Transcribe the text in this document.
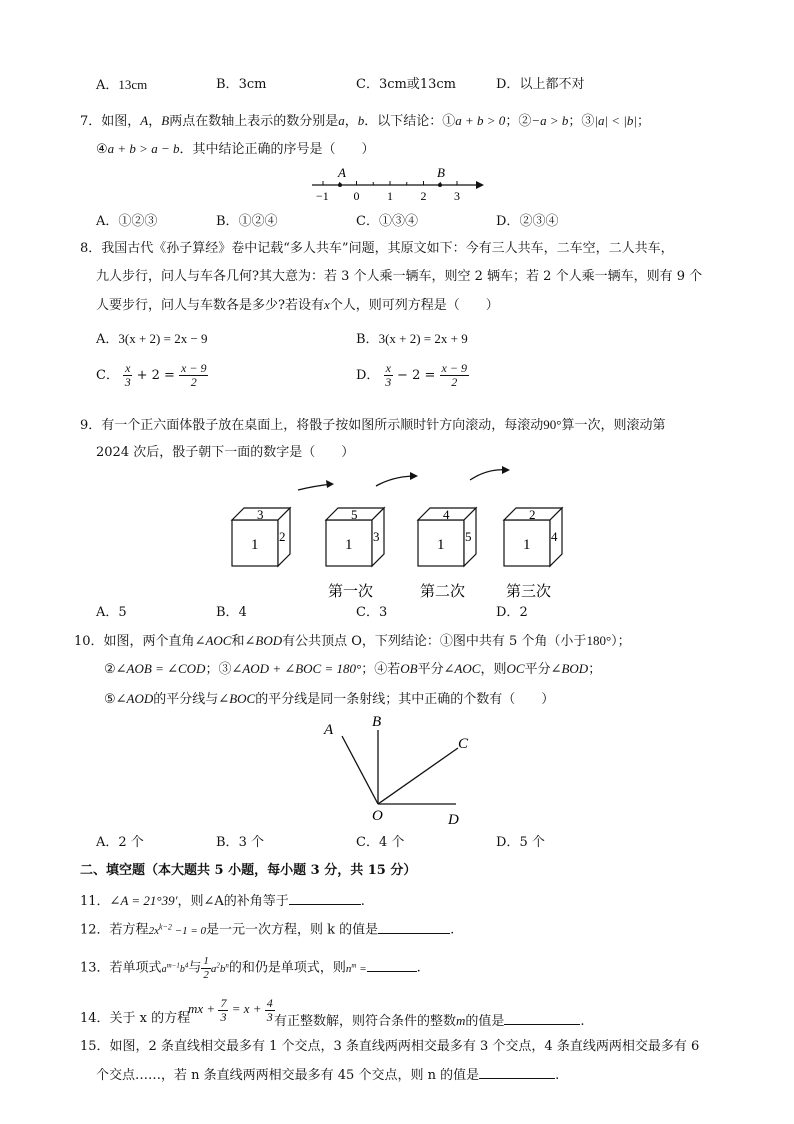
A．13cm	B．3cm	C．3cm或13cm	D．以上都不对
7．如图，A，B两点在数轴上表示的数分别是a，b．以下结论：①a + b > 0；②−a > b；③|a| < |b|；
④a + b > a − b．其中结论正确的序号是（　　）
−1 0 1 2 3
A	B
A．①②③	B．①②④	C．①③④	D．②③④
8．我国古代《孙子算经》卷中记载“多人共车”问题，其原文如下：今有三人共车，二车空，二人共车，
九人步行，问人与车各几何?其大意为：若 3 个人乘一辆车，则空 2 辆车；若 2 个人乘一辆车，则有 9 个
人要步行，问人与车数各是多少?若设有x个人，则可列方程是（　　）
A．3(x + 2) = 2x − 9	B．3(x + 2) = 2x + 9
C． $\frac{x}{3} + 2 = \frac{x - 9}{2}$	D． $\frac{x}{3} - 2 = \frac{x - 9}{2}$
9．有一个正六面体骰子放在桌面上，将骰子按如图所示顺时针方向滚动，每滚动90°算一次，则滚动第
2024 次后，骰子朝下一面的数字是（　　）
3
1
2
5
1
3
第一次
4
1
5
第二次
2
1
4
第三次
A．5	B．4	C．3	D．2
10．如图，两个直角∠AOC和∠BOD有公共顶点 O，下列结论：①图中共有 5 个角（小于180°）；
②∠AOB = ∠COD；③∠AOD + ∠BOC = 180°；④若OB平分∠AOC，则OC平分∠BOD；
⑤∠AOD的平分线与∠BOC的平分线是同一条射线；其中正确的个数有（　　）
A	B
C
O	D
A．2 个	B．3 个	C．4 个	D．5 个
二、填空题（本大题共 5 小题，每小题 3 分，共 15 分）
11．∠A = 21°39′，则∠A的补角等于	.
12．若方程$2x^{k-2} -1 = 0$是一元一次方程，则 k 的值是	.
13．若单项式$a^{m-1}b^4$与 $\frac{1}{2} a^2b^n$的和仍是单项式，则$n^m$ =	.
14．关于 x 的方程
mx + $\frac{7}{3} = x + \frac{4}{3}$ 有正整数解，则符合条件的整数m的值是	.
15．如图，2 条直线相交最多有 1 个交点，3 条直线两两相交最多有 3 个交点，4 条直线两两相交最多有 6
个交点……，若 n 条直线两两相交最多有 45 个交点，则 n 的值是	.
